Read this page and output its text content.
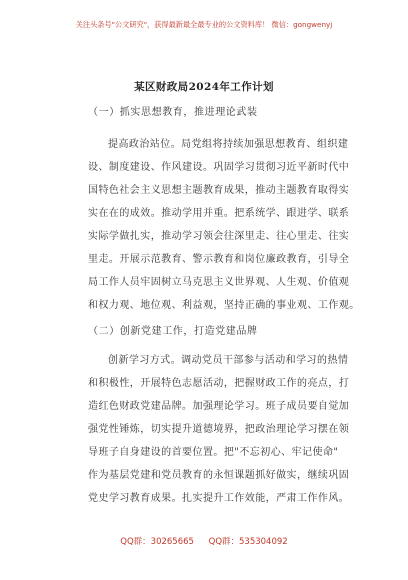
关注头条号"公文研究"，获得最新最全最专业的公文资料库！ 微信：gongwenyj
某区财政局2024年工作计划
（一）抓实思想教育，推进理论武装
提高政治站位。局党组将持续加强思想教育、组织建
设、制度建设、作风建设。巩固学习贯彻习近平新时代中
国特色社会主义思想主题教育成果，推动主题教育取得实
实在在的成效。推动学用并重。把系统学、跟进学、联系
实际学做扎实，推动学习领会往深里走、往心里走、往实
里走。开展示范教育、警示教育和岗位廉政教育，引导全
局工作人员牢固树立马克思主义世界观、人生观、价值观
和权力观、地位观、利益观，坚持正确的事业观、工作观。
（二）创新党建工作，打造党建品牌
创新学习方式。调动党员干部参与活动和学习的热情
和积极性，开展特色志愿活动，把握财政工作的亮点，打
造红色财政党建品牌。加强理论学习。班子成员要自觉加
强党性锤炼，切实提升道德境界，把政治理论学习摆在领
导班子自身建设的首要位置。把"不忘初心、牢记使命"
作为基层党建和党员教育的永恒课题抓好做实，继续巩固
党史学习教育成果。扎实提升工作效能，严肃工作作风。
QQ群：30265665 QQ群：535304092
